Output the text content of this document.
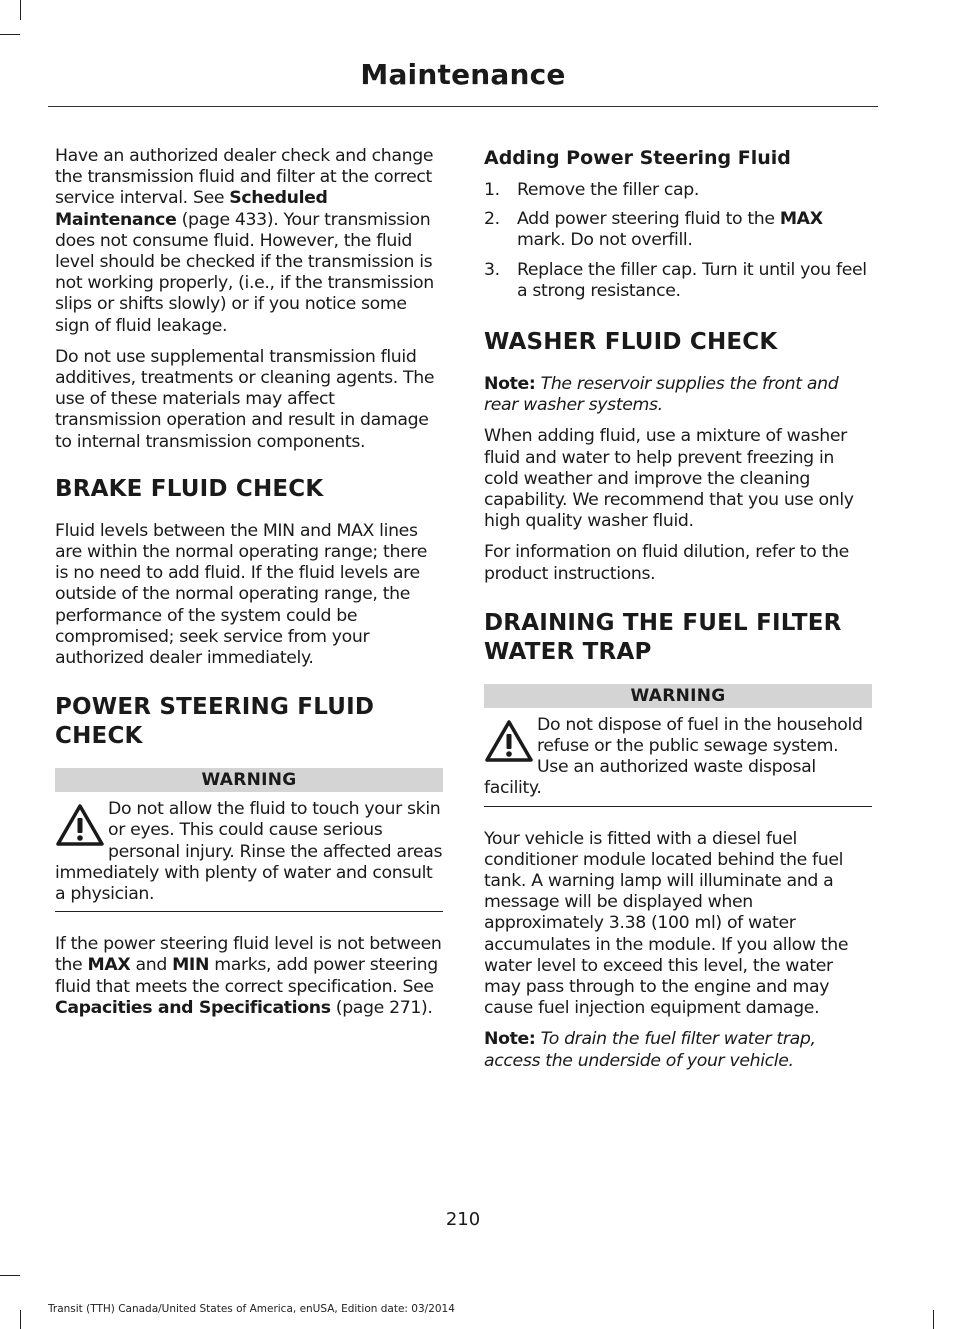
Maintenance

Have an authorized dealer check and change the transmission fluid and filter at the correct service interval. See Scheduled Maintenance (page 433). Your transmission does not consume fluid. However, the fluid level should be checked if the transmission is not working properly, (i.e., if the transmission slips or shifts slowly) or if you notice some sign of fluid leakage.

Do not use supplemental transmission fluid additives, treatments or cleaning agents. The use of these materials may affect transmission operation and result in damage to internal transmission components.

BRAKE FLUID CHECK

Fluid levels between the MIN and MAX lines are within the normal operating range; there is no need to add fluid. If the fluid levels are outside of the normal operating range, the performance of the system could be compromised; seek service from your authorized dealer immediately.

POWER STEERING FLUID CHECK
WARNING

Do not allow the fluid to touch your skin or eyes. This could cause serious personal injury. Rinse the affected areas immediately with plenty of water and consult a physician.

If the power steering fluid level is not between the MAX and MIN marks, add power steering fluid that meets the correct specification. See Capacities and Specifications (page 271).

Adding Power Steering Fluid
1. Remove the filler cap.
2. Add power steering fluid to the MAX mark. Do not overfill.
3. Replace the filler cap. Turn it until you feel a strong resistance.
WASHER FLUID CHECK

Note: The reservoir supplies the front and rear washer systems.

When adding fluid, use a mixture of washer fluid and water to help prevent freezing in cold weather and improve the cleaning capability. We recommend that you use only high quality washer fluid.

For information on fluid dilution, refer to the product instructions.

DRAINING THE FUEL FILTER WATER TRAP
WARNING

Do not dispose of fuel in the household refuse or the public sewage system. Use an authorized waste disposal facility.

Your vehicle is fitted with a diesel fuel conditioner module located behind the fuel tank. A warning lamp will illuminate and a message will be displayed when approximately 3.38 (100 ml) of water accumulates in the module. If you allow the water level to exceed this level, the water may pass through to the engine and may cause fuel injection equipment damage.

Note: To drain the fuel filter water trap, access the underside of your vehicle.

210
Transit (TTH) Canada/United States of America, enUSA, Edition date: 03/2014
